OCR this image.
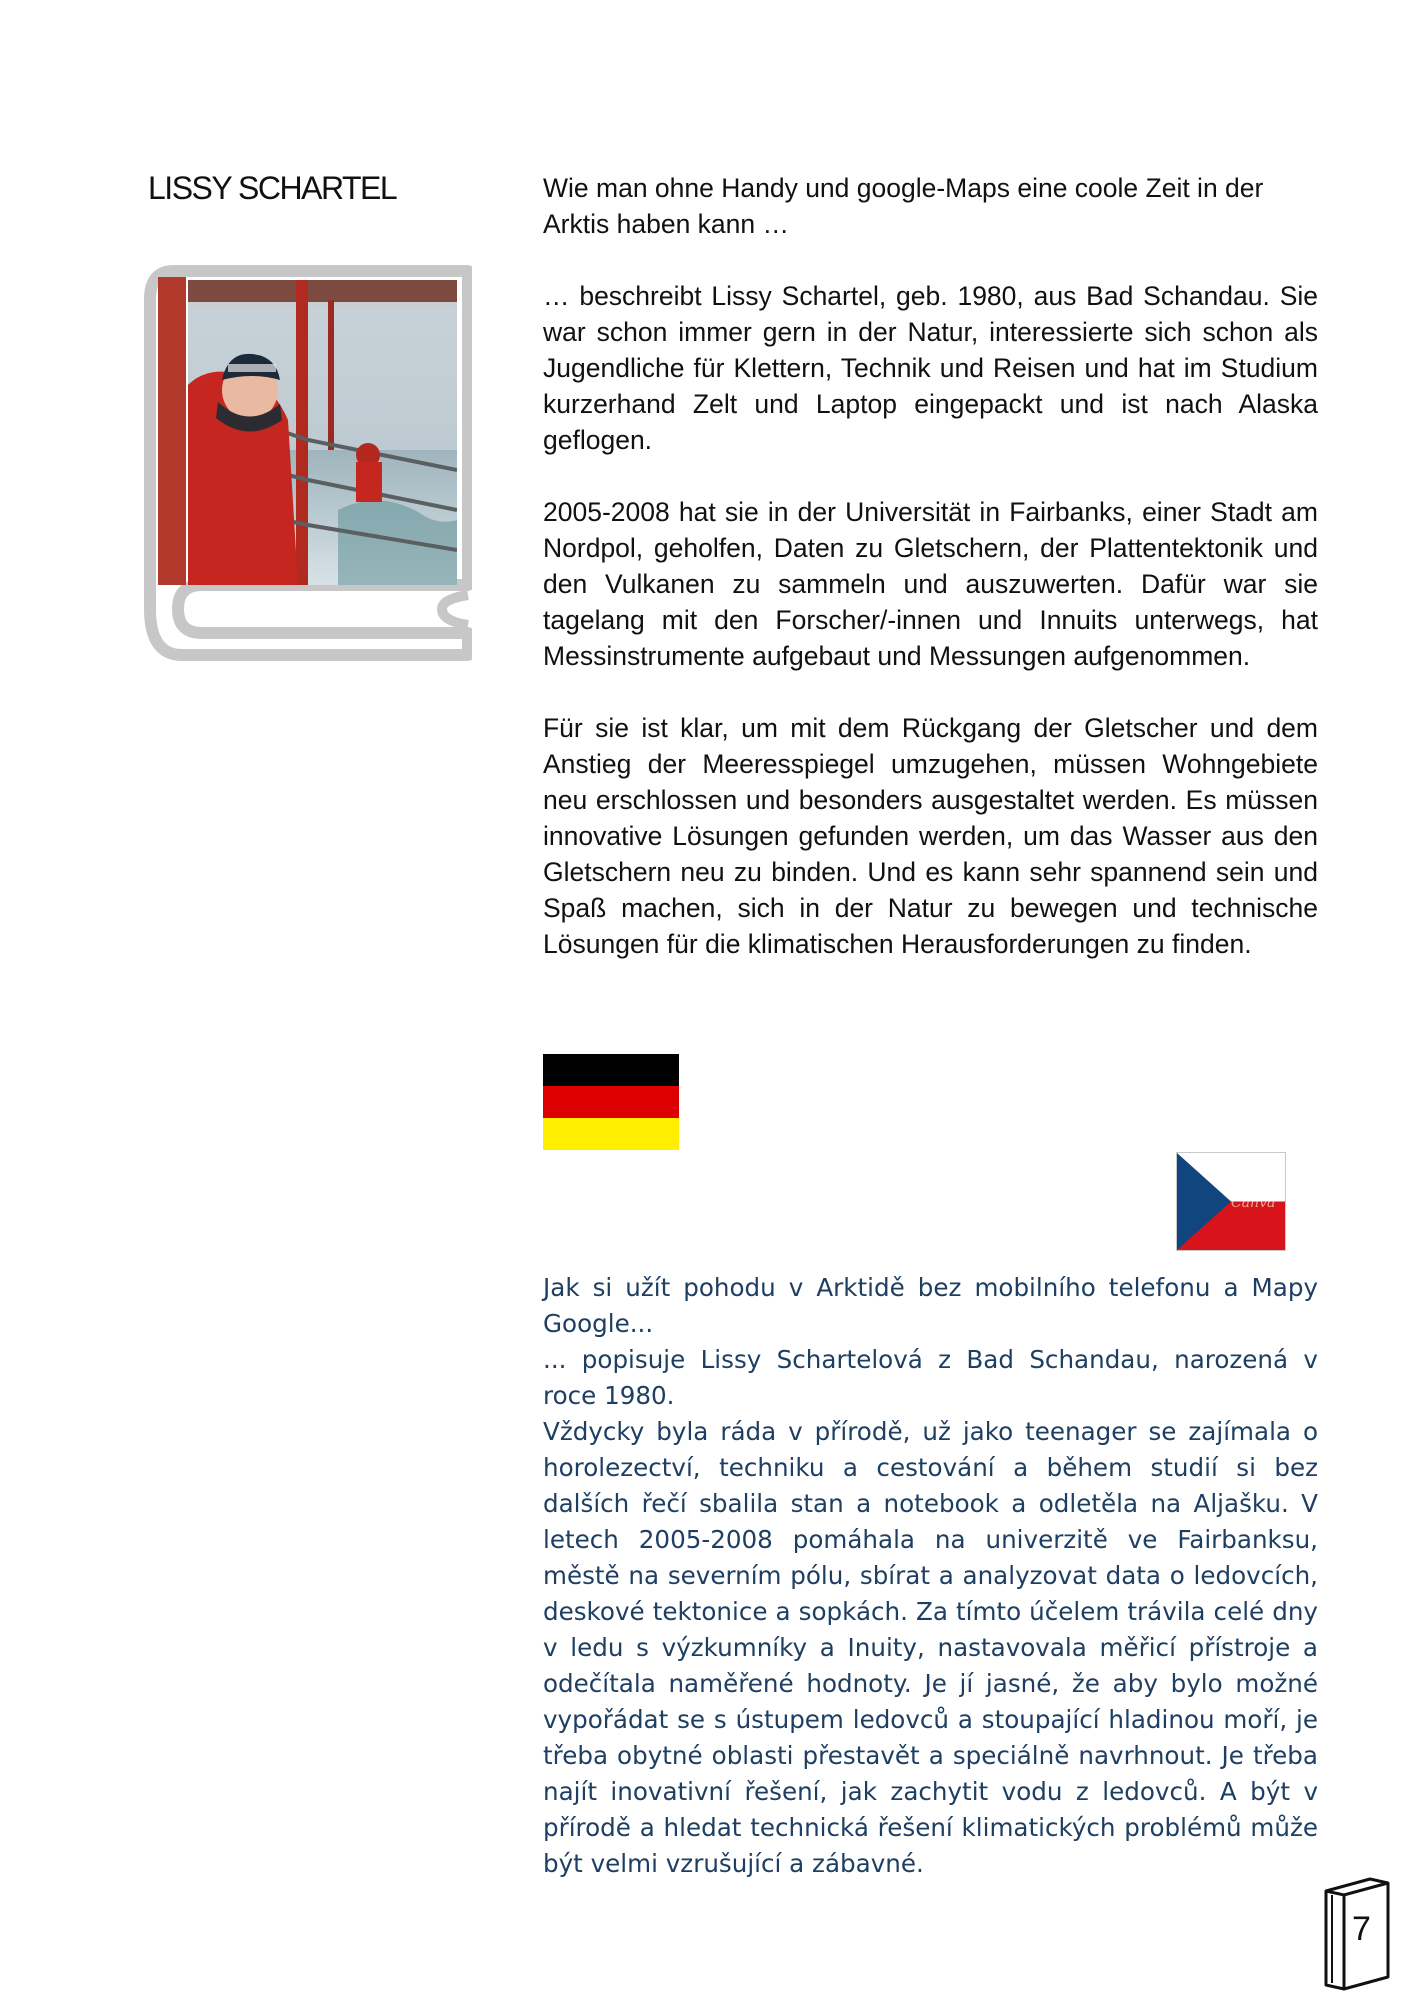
LISSY SCHARTEL	Wie man ohne Handy und google-Maps eine coole Zeit in der Arktis haben kann …

… beschreibt Lissy Schartel, geb. 1980, aus Bad Schandau. Sie war schon immer gern in der Natur, interessierte sich schon als Jugendliche für Klettern, Technik und Reisen und hat im Studium kurzerhand Zelt und Laptop eingepackt und ist nach Alaska geflogen.

2005-2008 hat sie in der Universität in Fairbanks, einer Stadt am Nordpol, geholfen, Daten zu Gletschern, der Plattentektonik und den Vulkanen zu sammeln und auszuwerten. Dafür war sie tagelang mit den Forscher/-innen und Innuits unterwegs, hat Messinstrumente aufgebaut und Messungen aufgenommen.

Für sie ist klar, um mit dem Rückgang der Gletscher und dem Anstieg der Meeresspiegel umzugehen, müssen Wohngebiete neu erschlossen und besonders ausgestaltet werden. Es müssen innovative Lösungen gefunden werden, um das Wasser aus den Gletschern neu zu binden. Und es kann sehr spannend sein und Spaß machen, sich in der Natur zu bewegen und technische Lösungen für die klimatischen Herausforderungen zu finden.

Canva

Jak si užít pohodu v Arktidě bez mobilního telefonu a Mapy Google...

... popisuje Lissy Schartelová z Bad Schandau, narozená v roce 1980.

Vždycky byla ráda v přírodě, už jako teenager se zajímala o horolezectví, techniku a cestování a během studií si bez dalších řečí sbalila stan a notebook a odletěla na Aljašku. V letech 2005-2008 pomáhala na univerzitě ve Fairbanksu, městě na severním pólu, sbírat a analyzovat data o ledovcích, deskové tektonice a sopkách. Za tímto účelem trávila celé dny v ledu s výzkumníky a Inuity, nastavovala měřicí přístroje a odečítala naměřené hodnoty. Je jí jasné, že aby bylo možné vypořádat se s ústupem ledovců a stoupající hladinou moří, je třeba obytné oblasti přestavět a speciálně navrhnout. Je třeba najít inovativní řešení, jak zachytit vodu z ledovců. A být v přírodě a hledat technická řešení klimatických problémů může být velmi vzrušující a zábavné.

7
